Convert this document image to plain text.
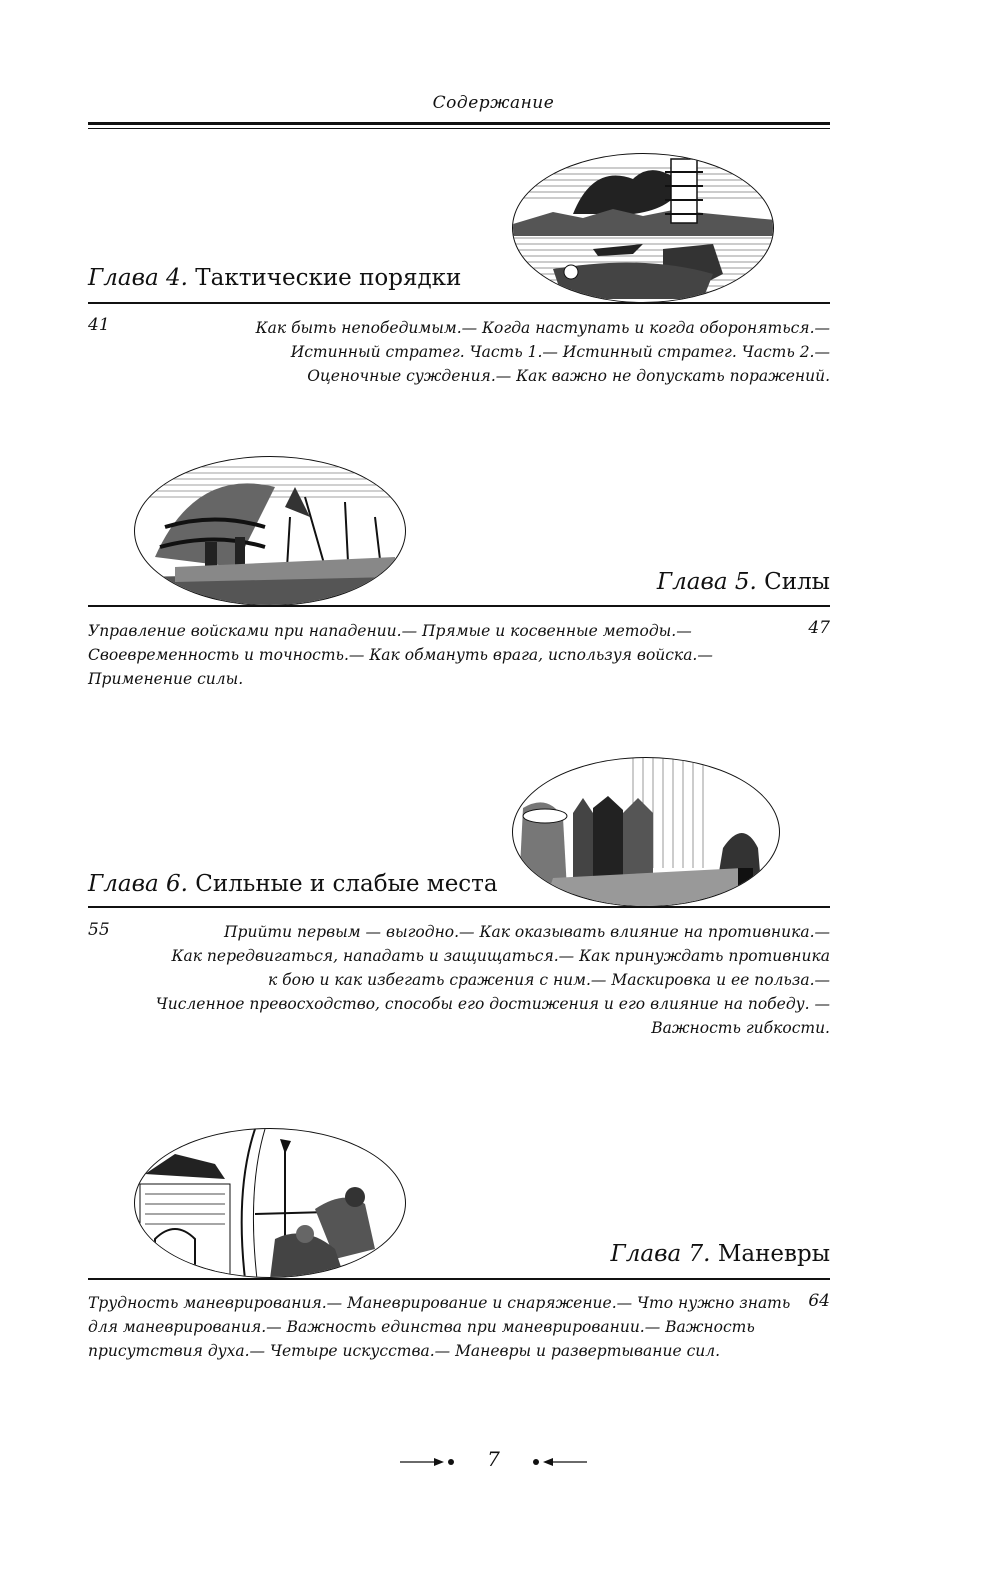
Содержание
Глава 4. Тактические порядки
41	Как быть непобедимым.— Когда наступать и когда обороняться.—
Истинный стратег. Часть 1.— Истинный стратег. Часть 2.—
Оценочные суждения.— Как важно не допускать поражений.
Глава 5. Силы
47
Управление войсками при нападении.— Прямые и косвенные методы.—
Своевременность и точность.— Как обмануть врага, используя войска.—
Применение силы.
Глава 6. Сильные и слабые места
55	Прийти первым — выгодно.— Как оказывать влияние на противника.—
Как передвигаться, нападать и защищаться.— Как принуждать противника
к бою и как избегать сражения с ним.— Маскировка и ее польза.—
Численное превосходство, способы его достижения и его влияние на победу. —
Важность гибкости.
Глава 7. Маневры
64
Трудность маневрирования.— Маневрирование и снаряжение.— Что нужно знать
для маневрирования.— Важность единства при маневрировании.— Важность
присутствия духа.— Четыре искусства.— Маневры и развертывание сил.
7
